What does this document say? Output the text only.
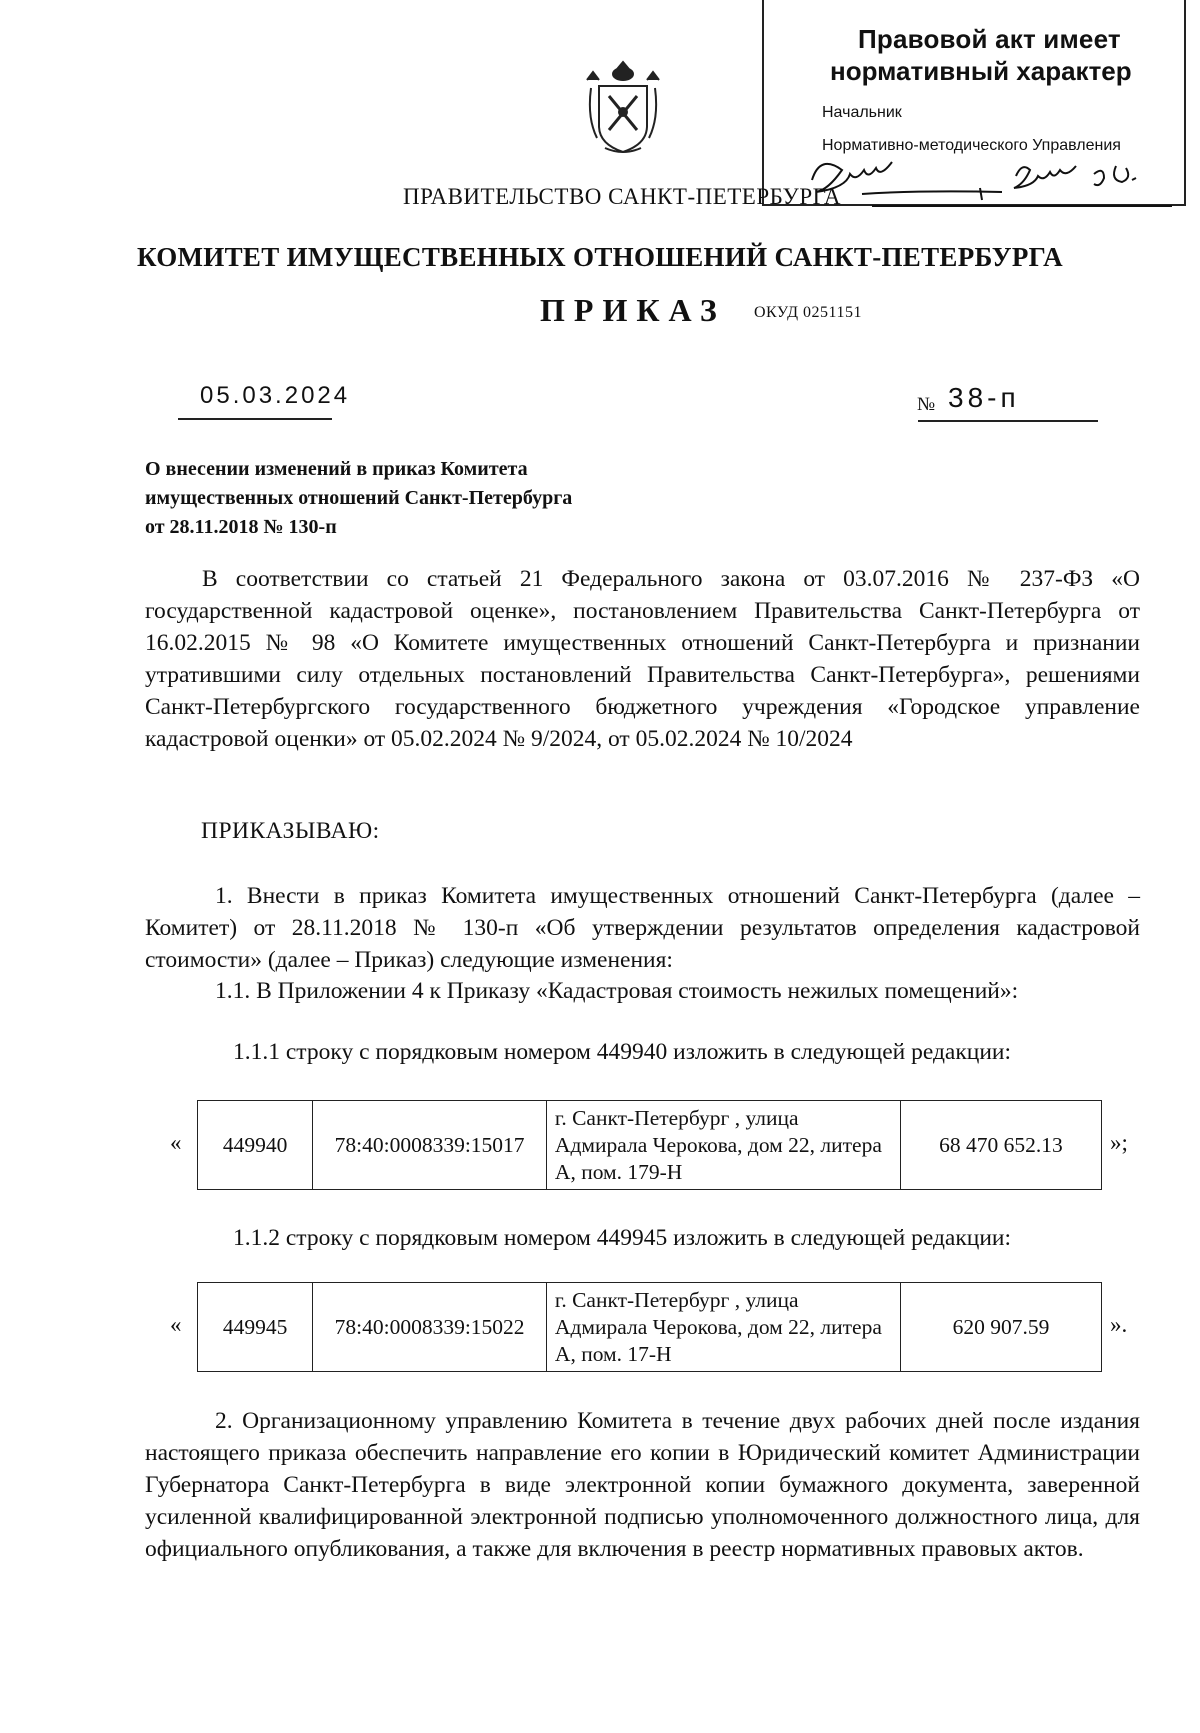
Правовой акт имеет
нормативный характер
Начальник
Нормативно-методического Управления
ПРАВИТЕЛЬСТВО САНКТ-ПЕТЕРБУРГА
КОМИТЕТ ИМУЩЕСТВЕННЫХ ОТНОШЕНИЙ САНКТ-ПЕТЕРБУРГА
ПРИКАЗ ОКУД 0251151
05.03.2024	№ 38-п
О внесении изменений в приказ Комитета
имущественных отношений Санкт-Петербурга
от 28.11.2018 № 130-п
В соответствии со статьей 21 Федерального закона от 03.07.2016 № 237-ФЗ «О государственной кадастровой оценке», постановлением Правительства Санкт-Петербурга от 16.02.2015 № 98 «О Комитете имущественных отношений Санкт-Петербурга и признании утратившими силу отдельных постановлений Правительства Санкт-Петербурга», решениями Санкт-Петербургского государственного бюджетного учреждения «Городское управление кадастровой оценки» от 05.02.2024 № 9/2024, от 05.02.2024 № 10/2024
ПРИКАЗЫВАЮ:
1. Внести в приказ Комитета имущественных отношений Санкт-Петербурга (далее – Комитет) от 28.11.2018 № 130-п «Об утверждении результатов определения кадастровой стоимости» (далее – Приказ) следующие изменения:
1.1. В Приложении 4 к Приказу «Кадастровая стоимость нежилых помещений»:
1.1.1 строку с порядковым номером 449940 изложить в следующей редакции:
« 449940	78:40:0008339:15017	г. Санкт-Петербург , улица Адмирала Черокова, дом 22, литера А, пом. 179-Н	68 470 652.13 »;
1.1.2 строку с порядковым номером 449945 изложить в следующей редакции:
« 449945	78:40:0008339:15022	г. Санкт-Петербург , улица Адмирала Черокова, дом 22, литера А, пом. 17-Н	620 907.59	».
2. Организационному управлению Комитета в течение двух рабочих дней после издания настоящего приказа обеспечить направление его копии в Юридический комитет Администрации Губернатора Санкт-Петербурга в виде электронной копии бумажного документа, заверенной усиленной квалифицированной электронной подписью уполномоченного должностного лица, для официального опубликования, а также для включения в реестр нормативных правовых актов.
